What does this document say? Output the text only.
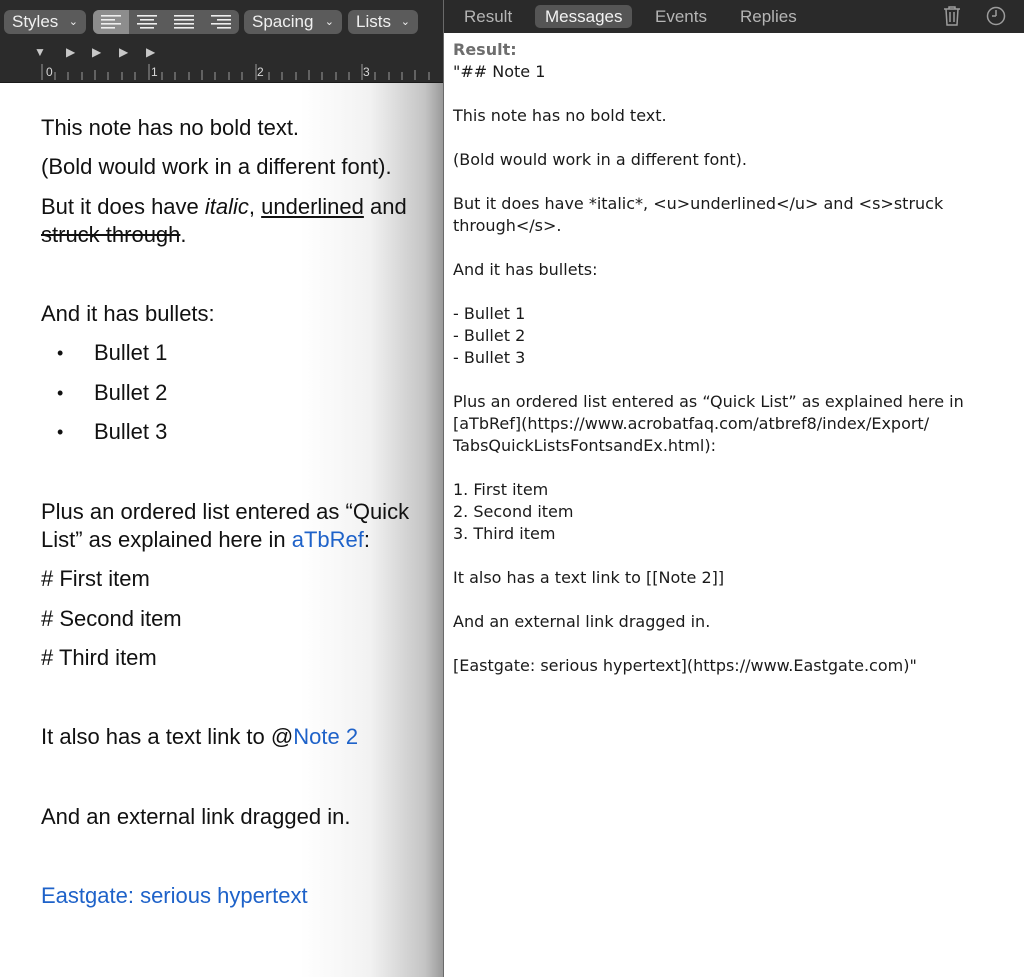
Styles ⌄	Spacing ⌄	Lists ⌄
▼ ▶ ▶ ▶ ▶
0	1	2	3
This note has no bold text.
(Bold would work in a different font).
But it does have italic, underlined and
struck through.
And it has bullets:
• Bullet 1
• Bullet 2
• Bullet 3
Plus an ordered list entered as “Quick
List” as explained here in aTbRef:
# First item
# Second item
# Third item
It also has a text link to @Note 2
And an external link dragged in.
Eastgate: serious hypertext
Result	Messages	Events	Replies
Result:
"## Note 1
This note has no bold text.
(Bold would work in a different font).
But it does have *italic*, <u>underlined</u> and <s>struck
through</s>.
And it has bullets:
- Bullet 1
- Bullet 2
- Bullet 3
Plus an ordered list entered as “Quick List” as explained here in
[aTbRef](https://www.acrobatfaq.com/atbref8/index/Export/
TabsQuickListsFontsandEx.html):
1. First item
2. Second item
3. Third item
It also has a text link to [[Note 2]]
And an external link dragged in.
[Eastgate: serious hypertext](https://www.Eastgate.com)"
